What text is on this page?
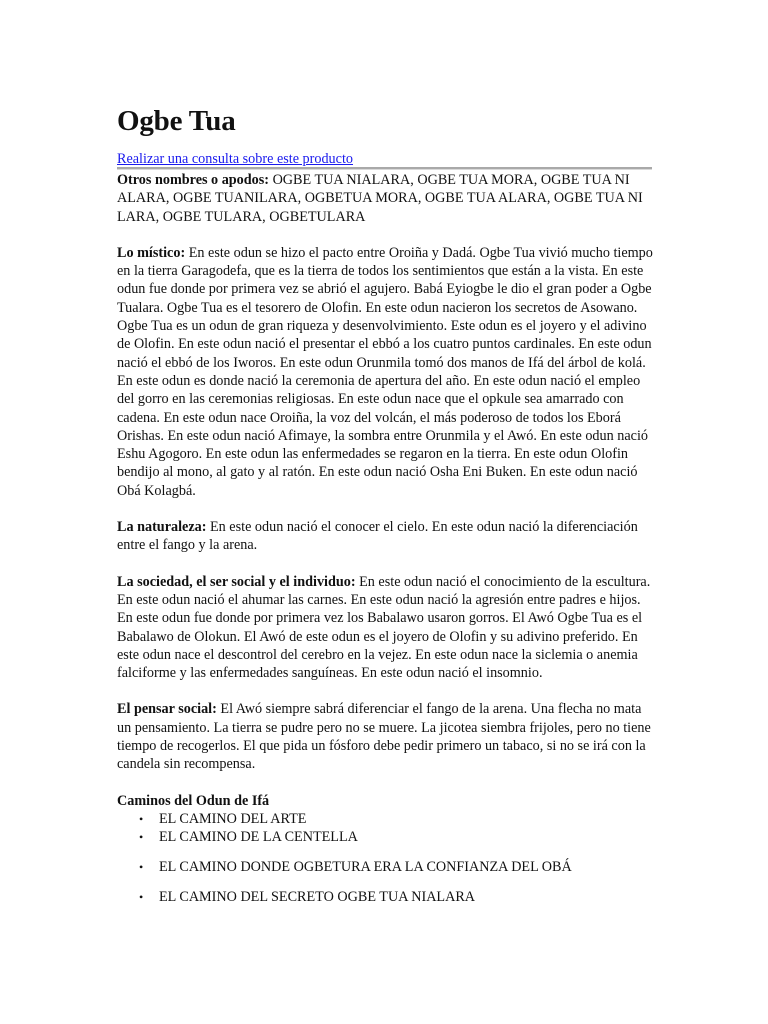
Ogbe Tua
Realizar una consulta sobre este producto

Otros nombres o apodos: OGBE TUA NIALARA, OGBE TUA MORA, OGBE TUA NI ALARA, OGBE TUANILARA, OGBETUA MORA, OGBE TUA ALARA, OGBE TUA NI LARA, OGBE TULARA, OGBETULARA

Lo místico: En este odun se hizo el pacto entre Oroiña y Dadá. Ogbe Tua vivió mucho tiempo en la tierra Garagodefa, que es la tierra de todos los sentimientos que están a la vista. En este odun fue donde por primera vez se abrió el agujero. Babá Eyiogbe le dio el gran poder a Ogbe Tualara. Ogbe Tua es el tesorero de Olofin. En este odun nacieron los secretos de Asowano. Ogbe Tua es un odun de gran riqueza y desenvolvimiento. Este odun es el joyero y el adivino de Olofin. En este odun nació el presentar el ebbó a los cuatro puntos cardinales. En este odun nació el ebbó de los Iworos. En este odun Orunmila tomó dos manos de Ifá del árbol de kolá. En este odun es donde nació la ceremonia de apertura del año. En este odun nació el empleo del gorro en las ceremonias religiosas. En este odun nace que el opkule sea amarrado con cadena. En este odun nace Oroiña, la voz del volcán, el más poderoso de todos los Eborá Orishas. En este odun nació Afimaye, la sombra entre Orunmila y el Awó. En este odun nació Eshu Agogoro. En este odun las enfermedades se regaron en la tierra. En este odun Olofin bendijo al mono, al gato y al ratón. En este odun nació Osha Eni Buken. En este odun nació Obá Kolagbá.

La naturaleza: En este odun nació el conocer el cielo. En este odun nació la diferenciación entre el fango y la arena.

La sociedad, el ser social y el individuo: En este odun nació el conocimiento de la escultura. En este odun nació el ahumar las carnes. En este odun nació la agresión entre padres e hijos. En este odun fue donde por primera vez los Babalawo usaron gorros. El Awó Ogbe Tua es el Babalawo de Olokun. El Awó de este odun es el joyero de Olofin y su adivino preferido. En este odun nace el descontrol del cerebro en la vejez. En este odun nace la siclemia o anemia falciforme y las enfermedades sanguíneas. En este odun nació el insomnio.

El pensar social: El Awó siempre sabrá diferenciar el fango de la arena. Una flecha no mata un pensamiento. La tierra se pudre pero no se muere. La jicotea siembra frijoles, pero no tiene tiempo de recogerlos. El que pida un fósforo debe pedir primero un tabaco, si no se irá con la candela sin recompensa.

Caminos del Odun de Ifá
• EL CAMINO DEL ARTE
• EL CAMINO DE LA CENTELLA
• EL CAMINO DONDE OGBETURA ERA LA CONFIANZA DEL OBÁ
• EL CAMINO DEL SECRETO OGBE TUA NIALARA
